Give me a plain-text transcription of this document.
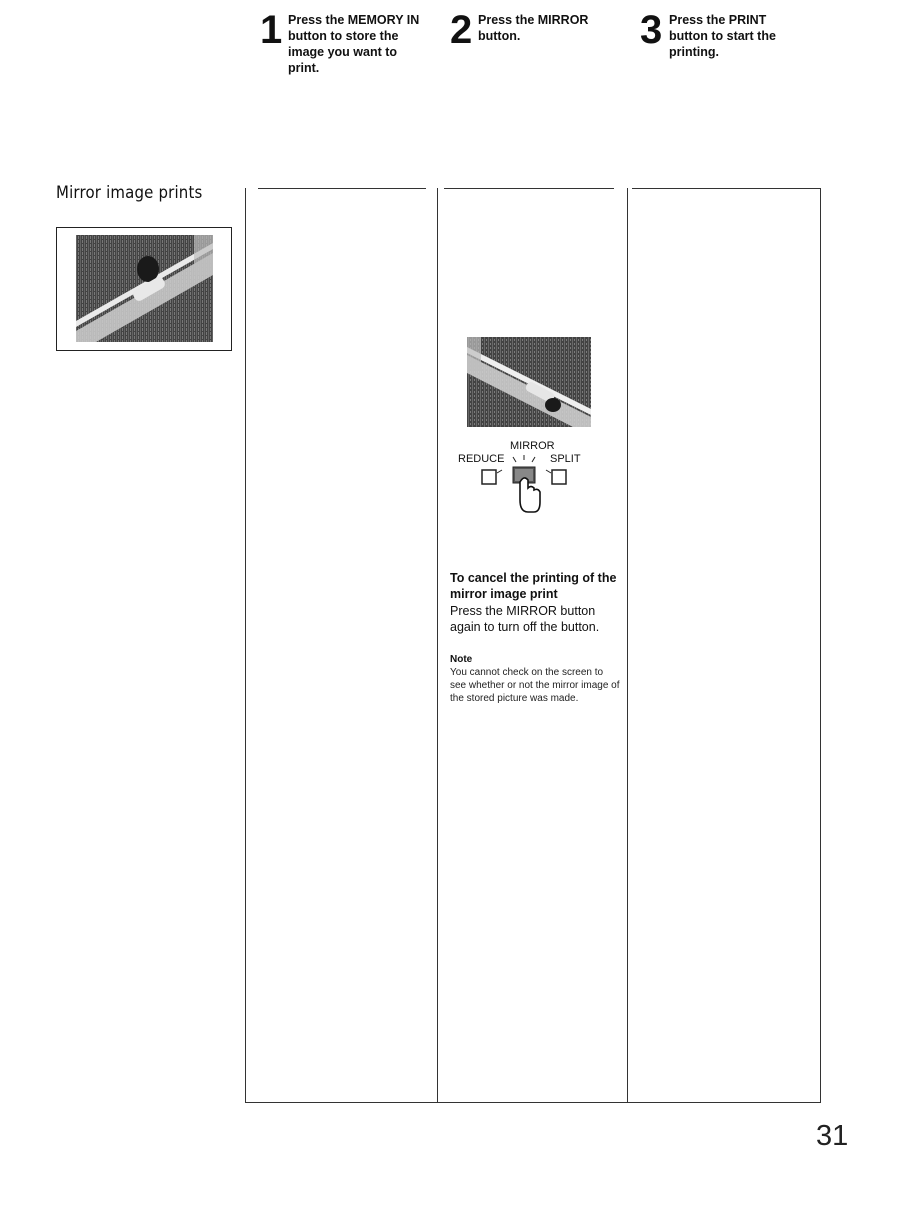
Mirror image prints
1 Press the MEMORY IN button to store the image you want to print.
2 Press the MIRROR button.	3 Press the PRINT button to start the printing.
MIRROR
REDUCE	SPLIT
To cancel the printing of the mirror image print
Press the MIRROR button again to turn off the button.
Note
You cannot check on the screen to see whether or not the mirror image of the stored picture was made.
31
